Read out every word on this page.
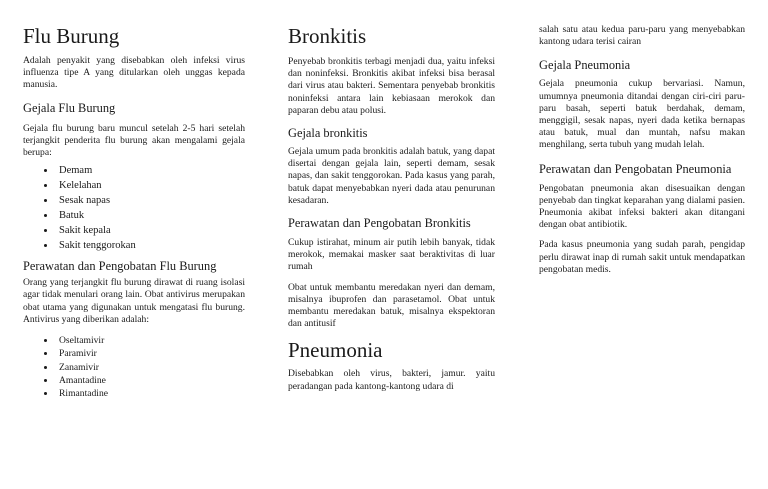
Flu Burung

Adalah penyakit yang disebabkan oleh infeksi virus influenza tipe A yang ditularkan oleh unggas kepada manusia.

Gejala Flu Burung

Gejala flu burung baru muncul setelah 2-5 hari setelah terjangkit penderita flu burung akan mengalami gejala berupa:

• Demam
• Kelelahan
• Sesak napas
• Batuk
• Sakit kepala
• Sakit tenggorokan
Perawatan dan Pengobatan Flu Burung

Orang yang terjangkit flu burung dirawat di ruang isolasi agar tidak menulari orang lain. Obat antivirus merupakan obat utama yang digunakan untuk mengatasi flu burung. Antivirus yang diberikan adalah:

• Oseltamivir
• Paramivir
• Zanamivir
• Amantadine
• Rimantadine
Bronkitis

Penyebab bronkitis terbagi menjadi dua, yaitu infeksi dan noninfeksi. Bronkitis akibat infeksi bisa berasal dari virus atau bakteri. Sementara penyebab bronkitis noninfeksi antara lain kebiasaan merokok dan paparan debu atau polusi.

Gejala bronkitis

Gejala umum pada bronkitis adalah batuk, yang dapat disertai dengan gejala lain, seperti demam, sesak napas, dan sakit tenggorokan. Pada kasus yang parah, batuk dapat menyebabkan nyeri dada atau penurunan kesadaran.

Perawatan dan Pengobatan Bronkitis

Cukup istirahat, minum air putih lebih banyak, tidak merokok, memakai masker saat beraktivitas di luar rumah

Obat untuk membantu meredakan nyeri dan demam, misalnya ibuprofen dan parasetamol. Obat untuk membantu meredakan batuk, misalnya ekspektoran dan antitusif

Pneumonia

Disebabkan oleh virus, bakteri, jamur. yaitu peradangan pada kantong-kantong udara di

salah satu atau kedua paru-paru yang menyebabkan kantong udara terisi cairan

Gejala Pneumonia

Gejala pneumonia cukup bervariasi. Namun, umumnya pneumonia ditandai dengan ciri-ciri paru-paru basah, seperti batuk berdahak, demam, menggigil, sesak napas, nyeri dada ketika bernapas atau batuk, mual dan muntah, nafsu makan menghilang, serta tubuh yang mudah lelah.

Perawatan dan Pengobatan Pneumonia

Pengobatan pneumonia akan disesuaikan dengan penyebab dan tingkat keparahan yang dialami pasien. Pneumonia akibat infeksi bakteri akan ditangani dengan obat antibiotik.

Pada kasus pneumonia yang sudah parah, pengidap perlu dirawat inap di rumah sakit untuk mendapatkan pengobatan medis.
